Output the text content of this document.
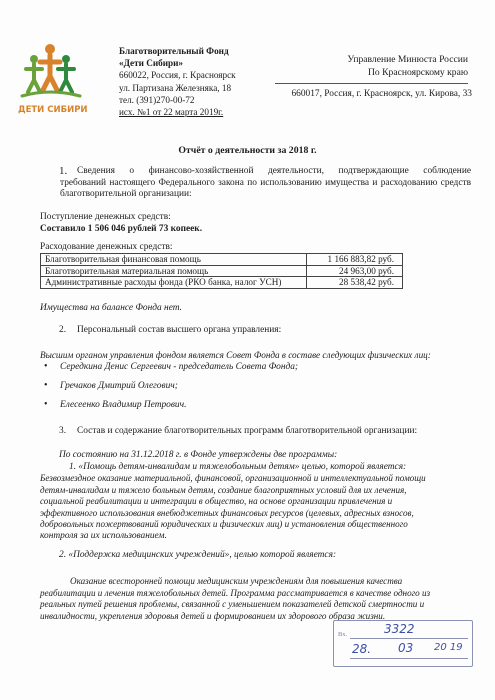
ДЕТИ СИБИРИ
Благотворительный Фонд
«Дети Сибири»
660022, Россия, г. Красноярск
ул. Партизана Железняка, 18
тел. (391)270-00-72
исх. №1 от 22 марта 2019г.
Управление Минюста России
По Красноярскому краю
660017, Россия, г. Красноярск, ул. Кирова, 33
Отчёт о деятельности за 2018 г.
1. Сведения о финансово-хозяйственной деятельности, подтверждающие соблюдение
требований настоящего Федерального закона по использованию имущества и расходованию средств благотворительной организации:
Поступление денежных средств:
Составило 1 506 046 рублей 73 копеек.
Расходование денежных средств:
Благотворительная финансовая помощь	1 166 883,82 руб.
Благотворительная материальная помощь	24 963,00 руб.
Административные расходы фонда (РКО банка, налог УСН)	28 538,42 руб.
Имущества на балансе Фонда нет.
2. Персональный состав высшего органа управления:
Высшим органом управления фондом является Совет Фонда в составе следующих физических лиц:
• Середкина Денис Сергеевич - председатель Совета Фонда;
• Гречаков Дмитрий Олегович;
• Елесеенко Владимир Петрович.
3. Состав и содержание благотворительных программ благотворительной организации:
По состоянию на 31.12.2018 г. в Фонде утверждены две программы:
1. «Помощь детям-инвалидам и тяжелобольным детям» целью, которой является:
Безвозмездное оказание материальной, финансовой, организационной и интеллектуальной помощи
детям-инвалидам и тяжело больным детям, создание благоприятных условий для их лечения,
социальной реабилитации и интеграции в общество, на основе организации привлечения и
эффективного использования внебюджетных финансовых ресурсов (целевых, адресных взносов,
добровольных пожертвований юридических и физических лиц) и установления общественного
контроля за их использованием.
2. «Поддержка медицинских учреждений», целью которой является:
Оказание всесторонней помощи медицинским учреждениям для повышения качества
реабилитации и лечения тяжелобольных детей. Программа рассматривается в качестве одного из
реальных путей решения проблемы, связанной с уменьшением показателей детской смертности и
инвалидности, укрепления здоровья детей и формированием их здорового образа жизни.
Вх.	3322
28. 03 20 19
